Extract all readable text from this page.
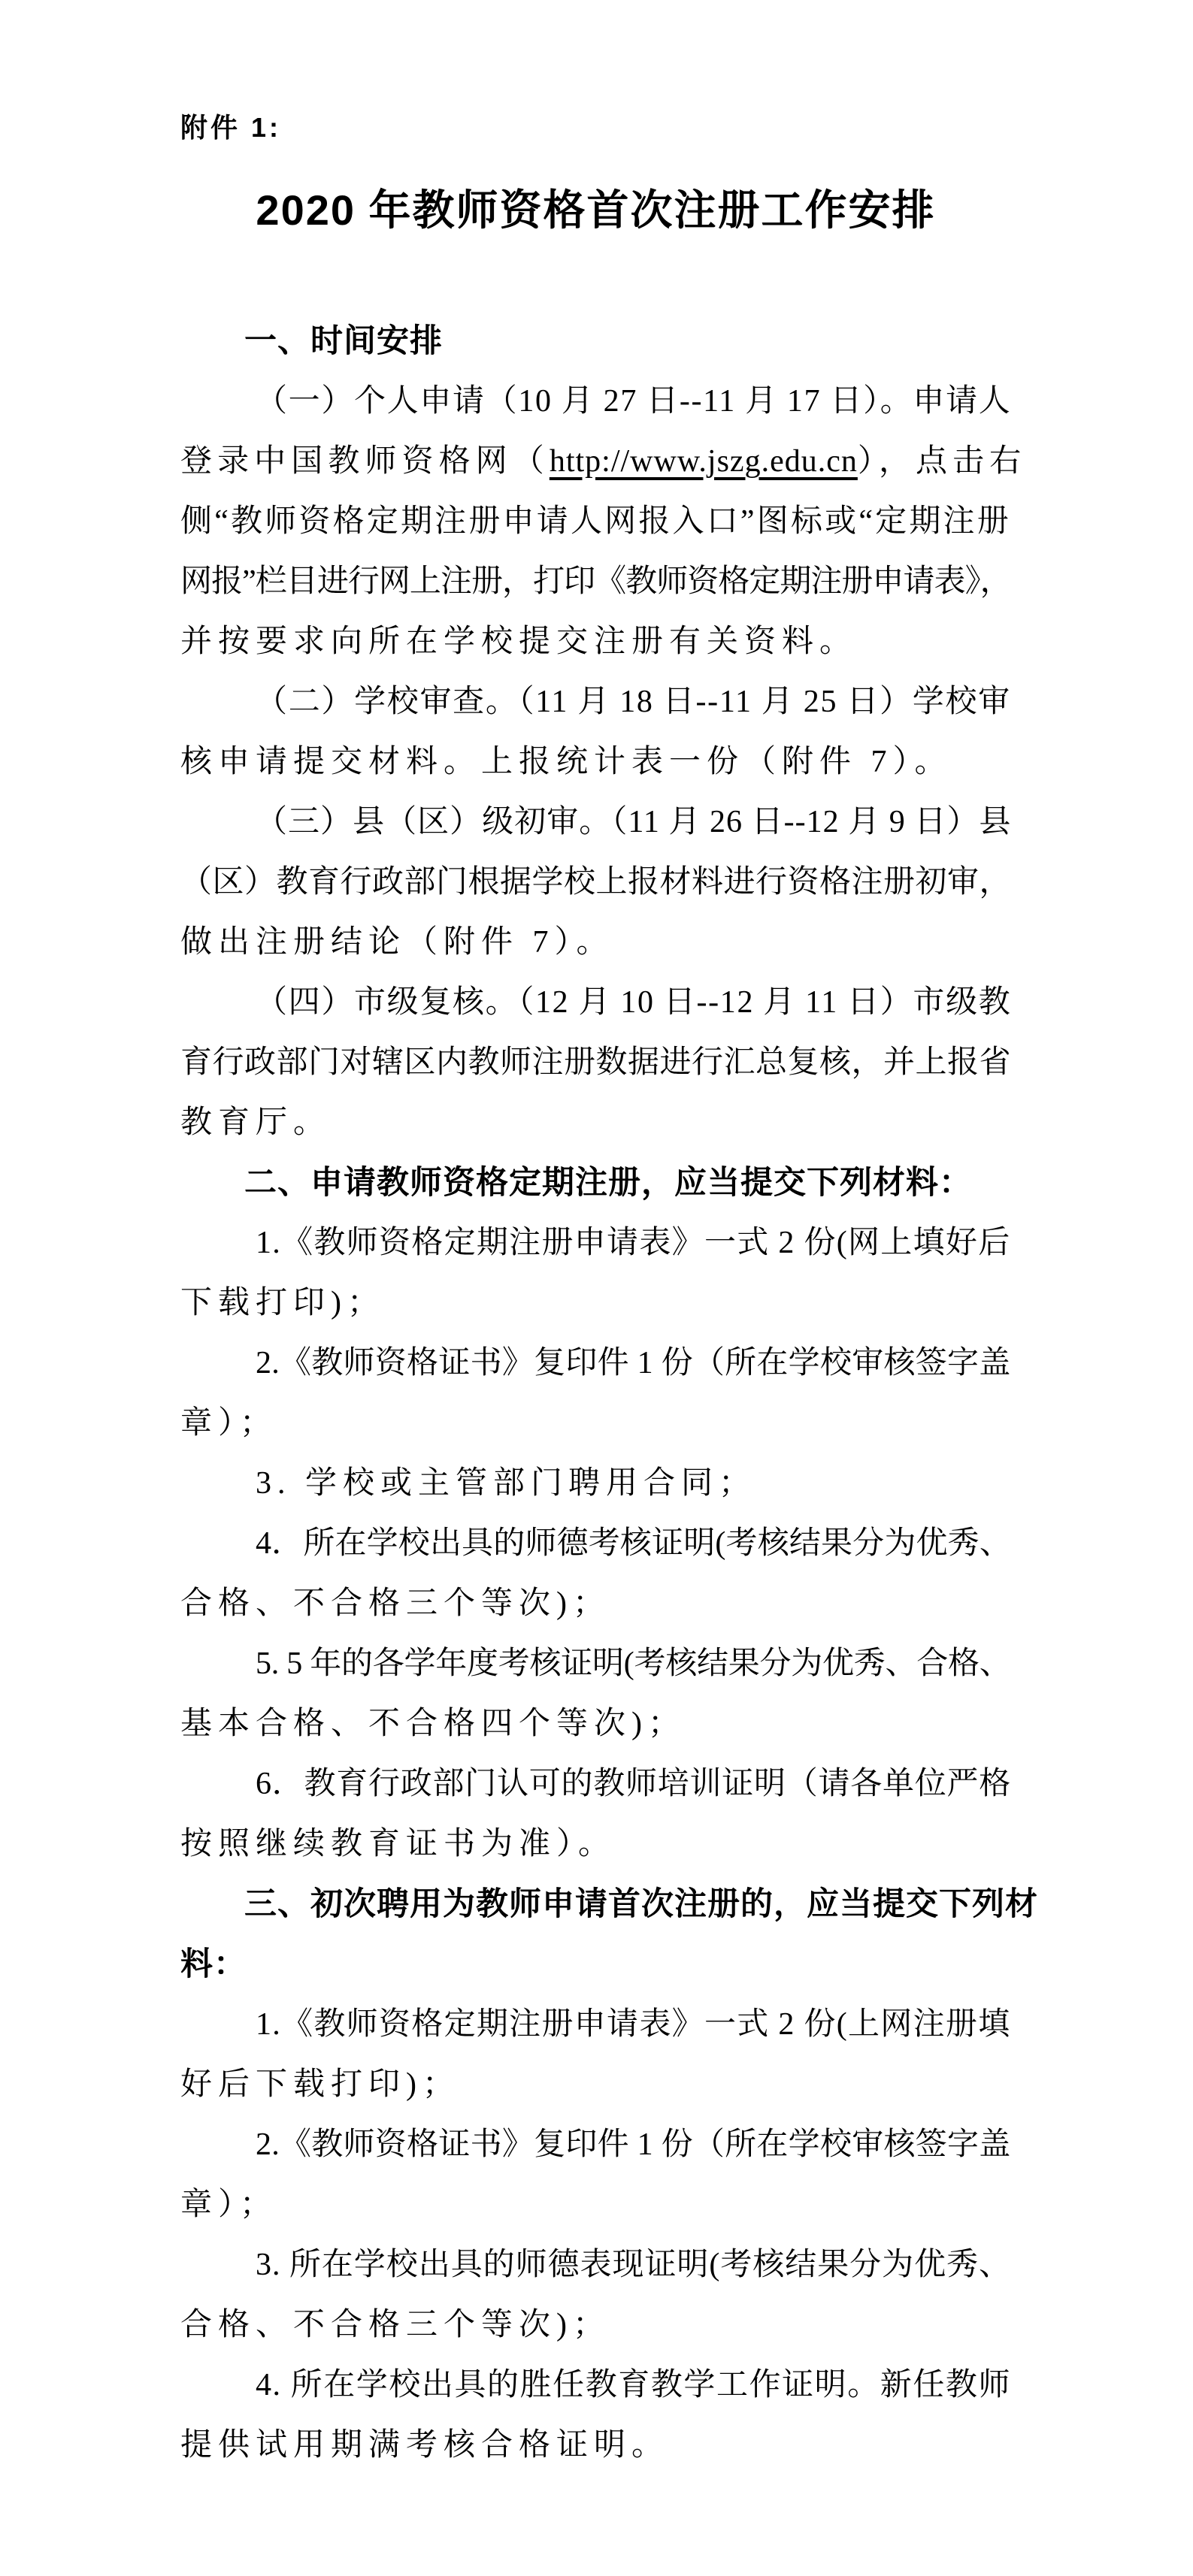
附件 1:
2020 年教师资格首次注册工作安排
一、时间安排
（一）个人申请（10 月 27 日--11 月 17 日）。申请人
登录中国教师资格网（http://www.jszg.edu.cn），点击右
侧“教师资格定期注册申请人网报入口”图标或“定期注册
网报”栏目进行网上注册，打印《教师资格定期注册申请表》，
并按要求向所在学校提交注册有关资料。
（二）学校审查。（11 月 18 日--11 月 25 日）学校审
核申请提交材料。上报统计表一份（附件 7）。
（三）县（区）级初审。（11 月 26 日--12 月 9 日）县
（区）教育行政部门根据学校上报材料进行资格注册初审，
做出注册结论（附件 7）。
（四）市级复核。（12 月 10 日--12 月 11 日）市级教
育行政部门对辖区内教师注册数据进行汇总复核，并上报省
教育厅。
二、申请教师资格定期注册，应当提交下列材料：
1.《教师资格定期注册申请表》一式 2 份(网上填好后
下载打印)；
2.《教师资格证书》复印件 1 份（所在学校审核签字盖
章）；
3. 学校或主管部门聘用合同；
4．所在学校出具的师德考核证明(考核结果分为优秀、
合格、不合格三个等次)；
5. 5 年的各学年度考核证明(考核结果分为优秀、合格、
基本合格、不合格四个等次)；
6．教育行政部门认可的教师培训证明（请各单位严格
按照继续教育证书为准）。
三、初次聘用为教师申请首次注册的，应当提交下列材
料：
1.《教师资格定期注册申请表》一式 2 份(上网注册填
好后下载打印)；
2.《教师资格证书》复印件 1 份（所在学校审核签字盖
章）；
3. 所在学校出具的师德表现证明(考核结果分为优秀、
合格、不合格三个等次)；
4. 所在学校出具的胜任教育教学工作证明。新任教师
提供试用期满考核合格证明。
